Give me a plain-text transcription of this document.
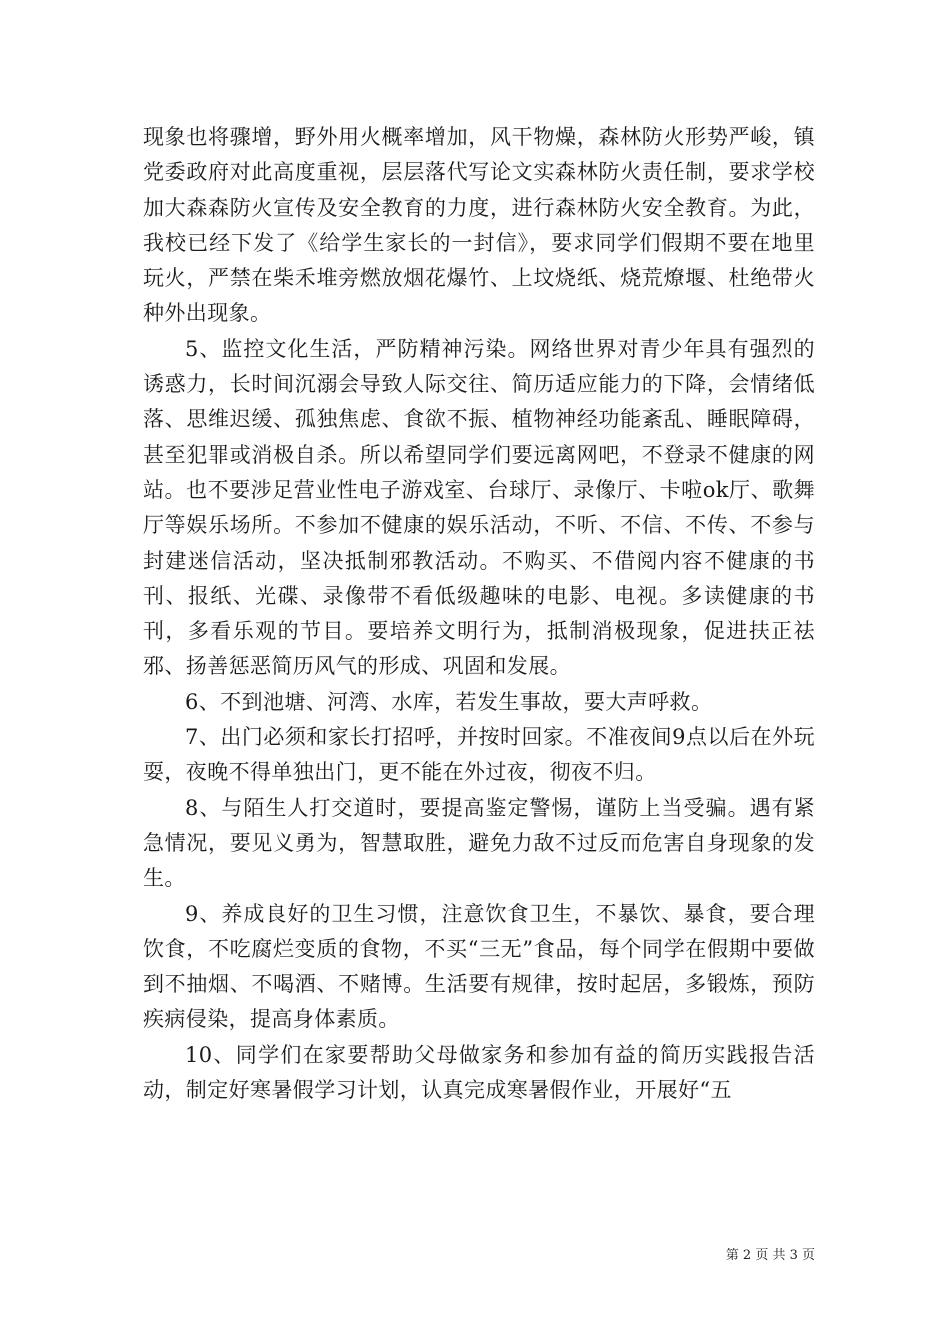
现象也将骤增，野外用火概率增加，风干物燥，森林防火形势严峻，镇党委政府对此高度重视，层层落代写论文实森林防火责任制，要求学校加大森森防火宣传及安全教育的力度，进行森林防火安全教育。为此，我校已经下发了《给学生家长的一封信》，要求同学们假期不要在地里玩火，严禁在柴禾堆旁燃放烟花爆竹、上坟烧纸、烧荒燎堰、杜绝带火种外出现象。

5、监控文化生活，严防精神污染。网络世界对青少年具有强烈的诱惑力，长时间沉溺会导致人际交往、简历适应能力的下降，会情绪低落、思维迟缓、孤独焦虑、食欲不振、植物神经功能紊乱、睡眠障碍，甚至犯罪或消极自杀。所以希望同学们要远离网吧，不登录不健康的网站。也不要涉足营业性电子游戏室、台球厅、录像厅、卡啦ok厅、歌舞厅等娱乐场所。不参加不健康的娱乐活动，不听、不信、不传、不参与封建迷信活动，坚决抵制邪教活动。不购买、不借阅内容不健康的书刊、报纸、光碟、录像带不看低级趣味的电影、电视。多读健康的书刊，多看乐观的节目。要培养文明行为，抵制消极现象，促进扶正祛邪、扬善惩恶简历风气的形成、巩固和发展。

6、不到池塘、河湾、水库，若发生事故，要大声呼救。

7、出门必须和家长打招呼，并按时回家。不准夜间9点以后在外玩耍，夜晚不得单独出门，更不能在外过夜，彻夜不归。

8、与陌生人打交道时，要提高鉴定警惕，谨防上当受骗。遇有紧急情况，要见义勇为，智慧取胜，避免力敌不过反而危害自身现象的发生。

9、养成良好的卫生习惯，注意饮食卫生，不暴饮、暴食，要合理饮食，不吃腐烂变质的食物，不买“三无”食品，每个同学在假期中要做到不抽烟、不喝酒、不赌博。生活要有规律，按时起居，多锻炼，预防疾病侵染，提高身体素质。

10、同学们在家要帮助父母做家务和参加有益的简历实践报告活动，制定好寒暑假学习计划，认真完成寒暑假作业，开展好“五

第 2 页 共 3 页
